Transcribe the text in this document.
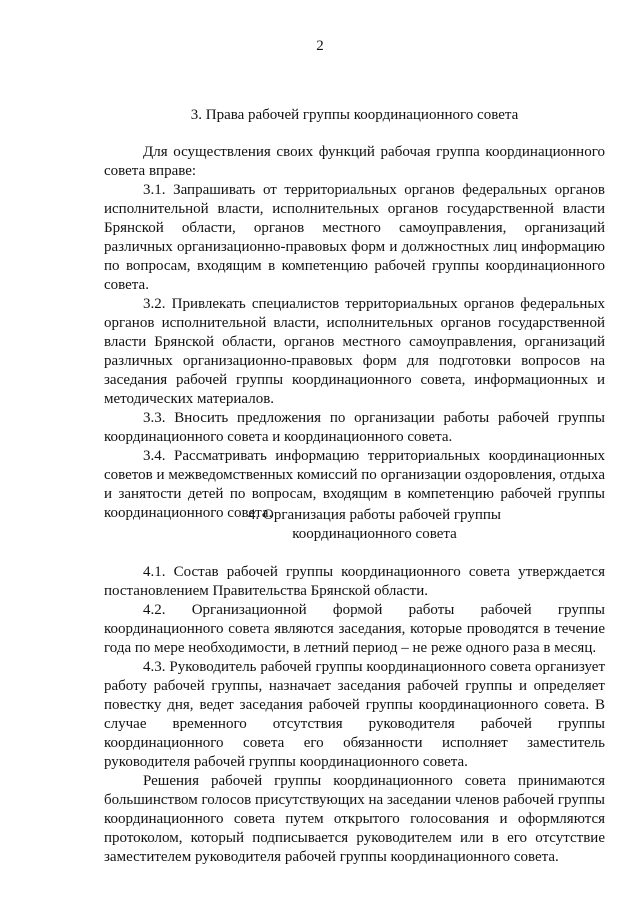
2

3. Права рабочей группы координационного совета

Для осуществления своих функций рабочая группа координационного совета вправе:

3.1. Запрашивать от территориальных органов федеральных органов исполнительной власти, исполнительных органов государственной власти Брянской области, органов местного самоуправления, организаций различных организационно-правовых форм и должностных лиц информацию по вопросам, входящим в компетенцию рабочей группы координационного совета.

3.2. Привлекать специалистов территориальных органов федеральных органов исполнительной власти, исполнительных органов государственной власти Брянской области, органов местного самоуправления, организаций различных организационно-правовых форм для подготовки вопросов на заседания рабочей группы координационного совета, информационных и методических материалов.

3.3. Вносить предложения по организации работы рабочей группы координационного совета и координационного совета.

3.4. Рассматривать информацию территориальных координационных советов и межведомственных комиссий по организации оздоровления, отдыха и занятости детей по вопросам, входящим в компетенцию рабочей группы координационного совета.

4. Организация работы рабочей группы

координационного совета

4.1. Состав рабочей группы координационного совета утверждается постановлением Правительства Брянской области.

4.2. Организационной формой работы рабочей группы координационного совета являются заседания, которые проводятся в течение года по мере необходимости, в летний период – не реже одного раза в месяц.

4.3. Руководитель рабочей группы координационного совета организует работу рабочей группы, назначает заседания рабочей группы и определяет повестку дня, ведет заседания рабочей группы координационного совета. В случае временного отсутствия руководителя рабочей группы координационного совета его обязанности исполняет заместитель руководителя рабочей группы координационного совета.

Решения рабочей группы координационного совета принимаются большинством голосов присутствующих на заседании членов рабочей группы координационного совета путем открытого голосования и оформляются протоколом, который подписывается руководителем или в его отсутствие заместителем руководителя рабочей группы координационного совета.
